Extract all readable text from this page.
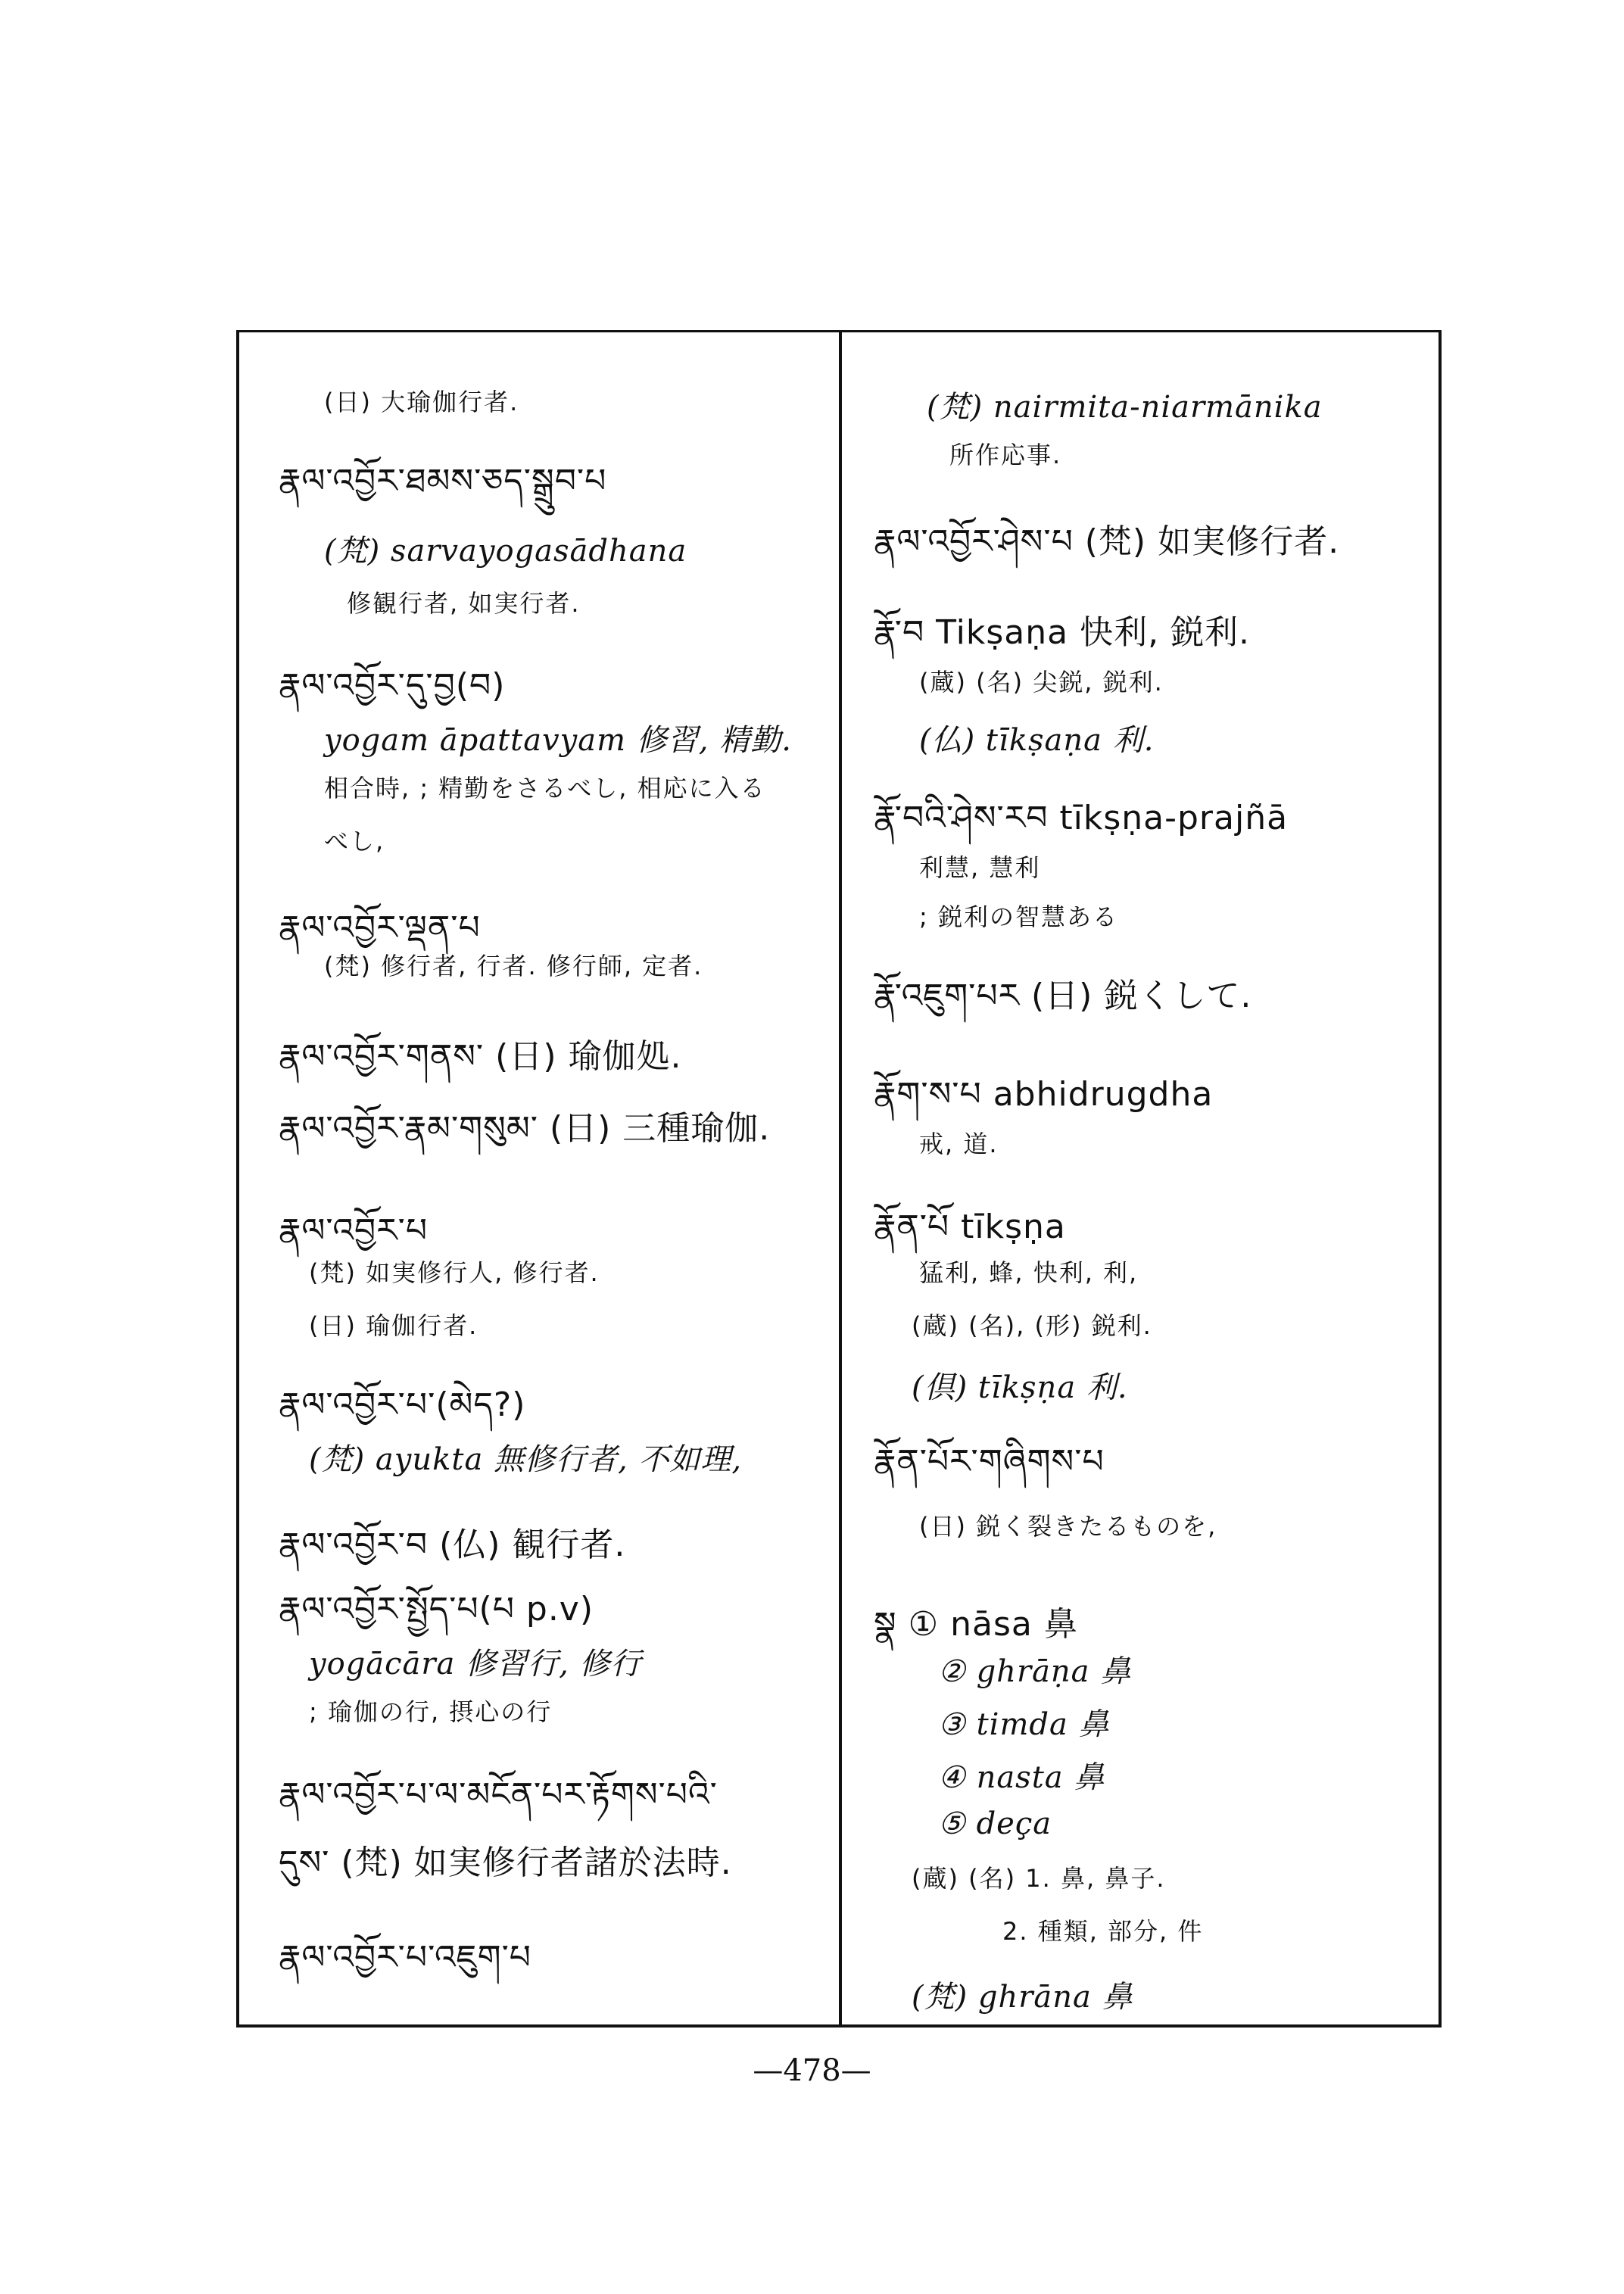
(日) 大瑜伽行者.
རྣལ་འབྱོར་ཐམས་ཅད་སྒྲུབ་པ
(梵) sarvayogasādhana
修観行者, 如実行者.
རྣལ་འབྱོར་དུ་བྱ(བ)
yogam āpattavyam 修習, 精勤.
相合時, ; 精勤をさるべし, 相応に入る
べし,
རྣལ་འབྱོར་ལྡན་པ
(梵) 修行者, 行者. 修行師, 定者.
རྣལ་འབྱོར་གནས་ (日) 瑜伽処.
རྣལ་འབྱོར་རྣམ་གསུམ་ (日) 三種瑜伽.
རྣལ་འབྱོར་པ
(梵) 如実修行人, 修行者.
(日) 瑜伽行者.
རྣལ་འབྱོར་པ་(མེད?)
(梵) ayukta 無修行者, 不如理,
རྣལ་འབྱོར་བ (仏) 観行者.
རྣལ་འབྱོར་སྤྱོད་པ(པ p.v)
yogācāra 修習行, 修行
; 瑜伽の行, 摂心の行
རྣལ་འབྱོར་པ་ལ་མངོན་པར་རྟོགས་པའི་
དུས་ (梵) 如実修行者諸於法時.
རྣལ་འབྱོར་པ་འཇུག་པ
(梵) nairmita-niarmānika
所作応事.
རྣལ་འབྱོར་ཤེས་པ (梵) 如実修行者.
རྣོ་བ Tikṣaṇa 快利, 鋭利.
(蔵) (名) 尖鋭, 鋭利.
(仏) tīkṣaṇa 利.
རྣོ་བའི་ཤེས་རབ tīkṣṇa-prajñā
利慧, 慧利
; 鋭利の智慧ある
རྣོ་འཇུག་པར (日) 鋭くして.
རྣོག་ས་པ abhidrugdha
戒, 道.
རྣོན་པོ tīkṣṇa
猛利, 蜂, 快利, 利,
(蔵) (名), (形) 鋭利.
(倶) tīkṣṇa 利.
རྣོན་པོར་གཞིགས་པ
(日) 鋭く裂きたるものを,
སྣ ① nāsa 鼻
② ghrāṇa 鼻
③ timda 鼻
④ nasta 鼻
⑤ deça
(蔵) (名) 1. 鼻, 鼻子.
2. 種類, 部分, 件
(梵) ghrāna 鼻
—478—
